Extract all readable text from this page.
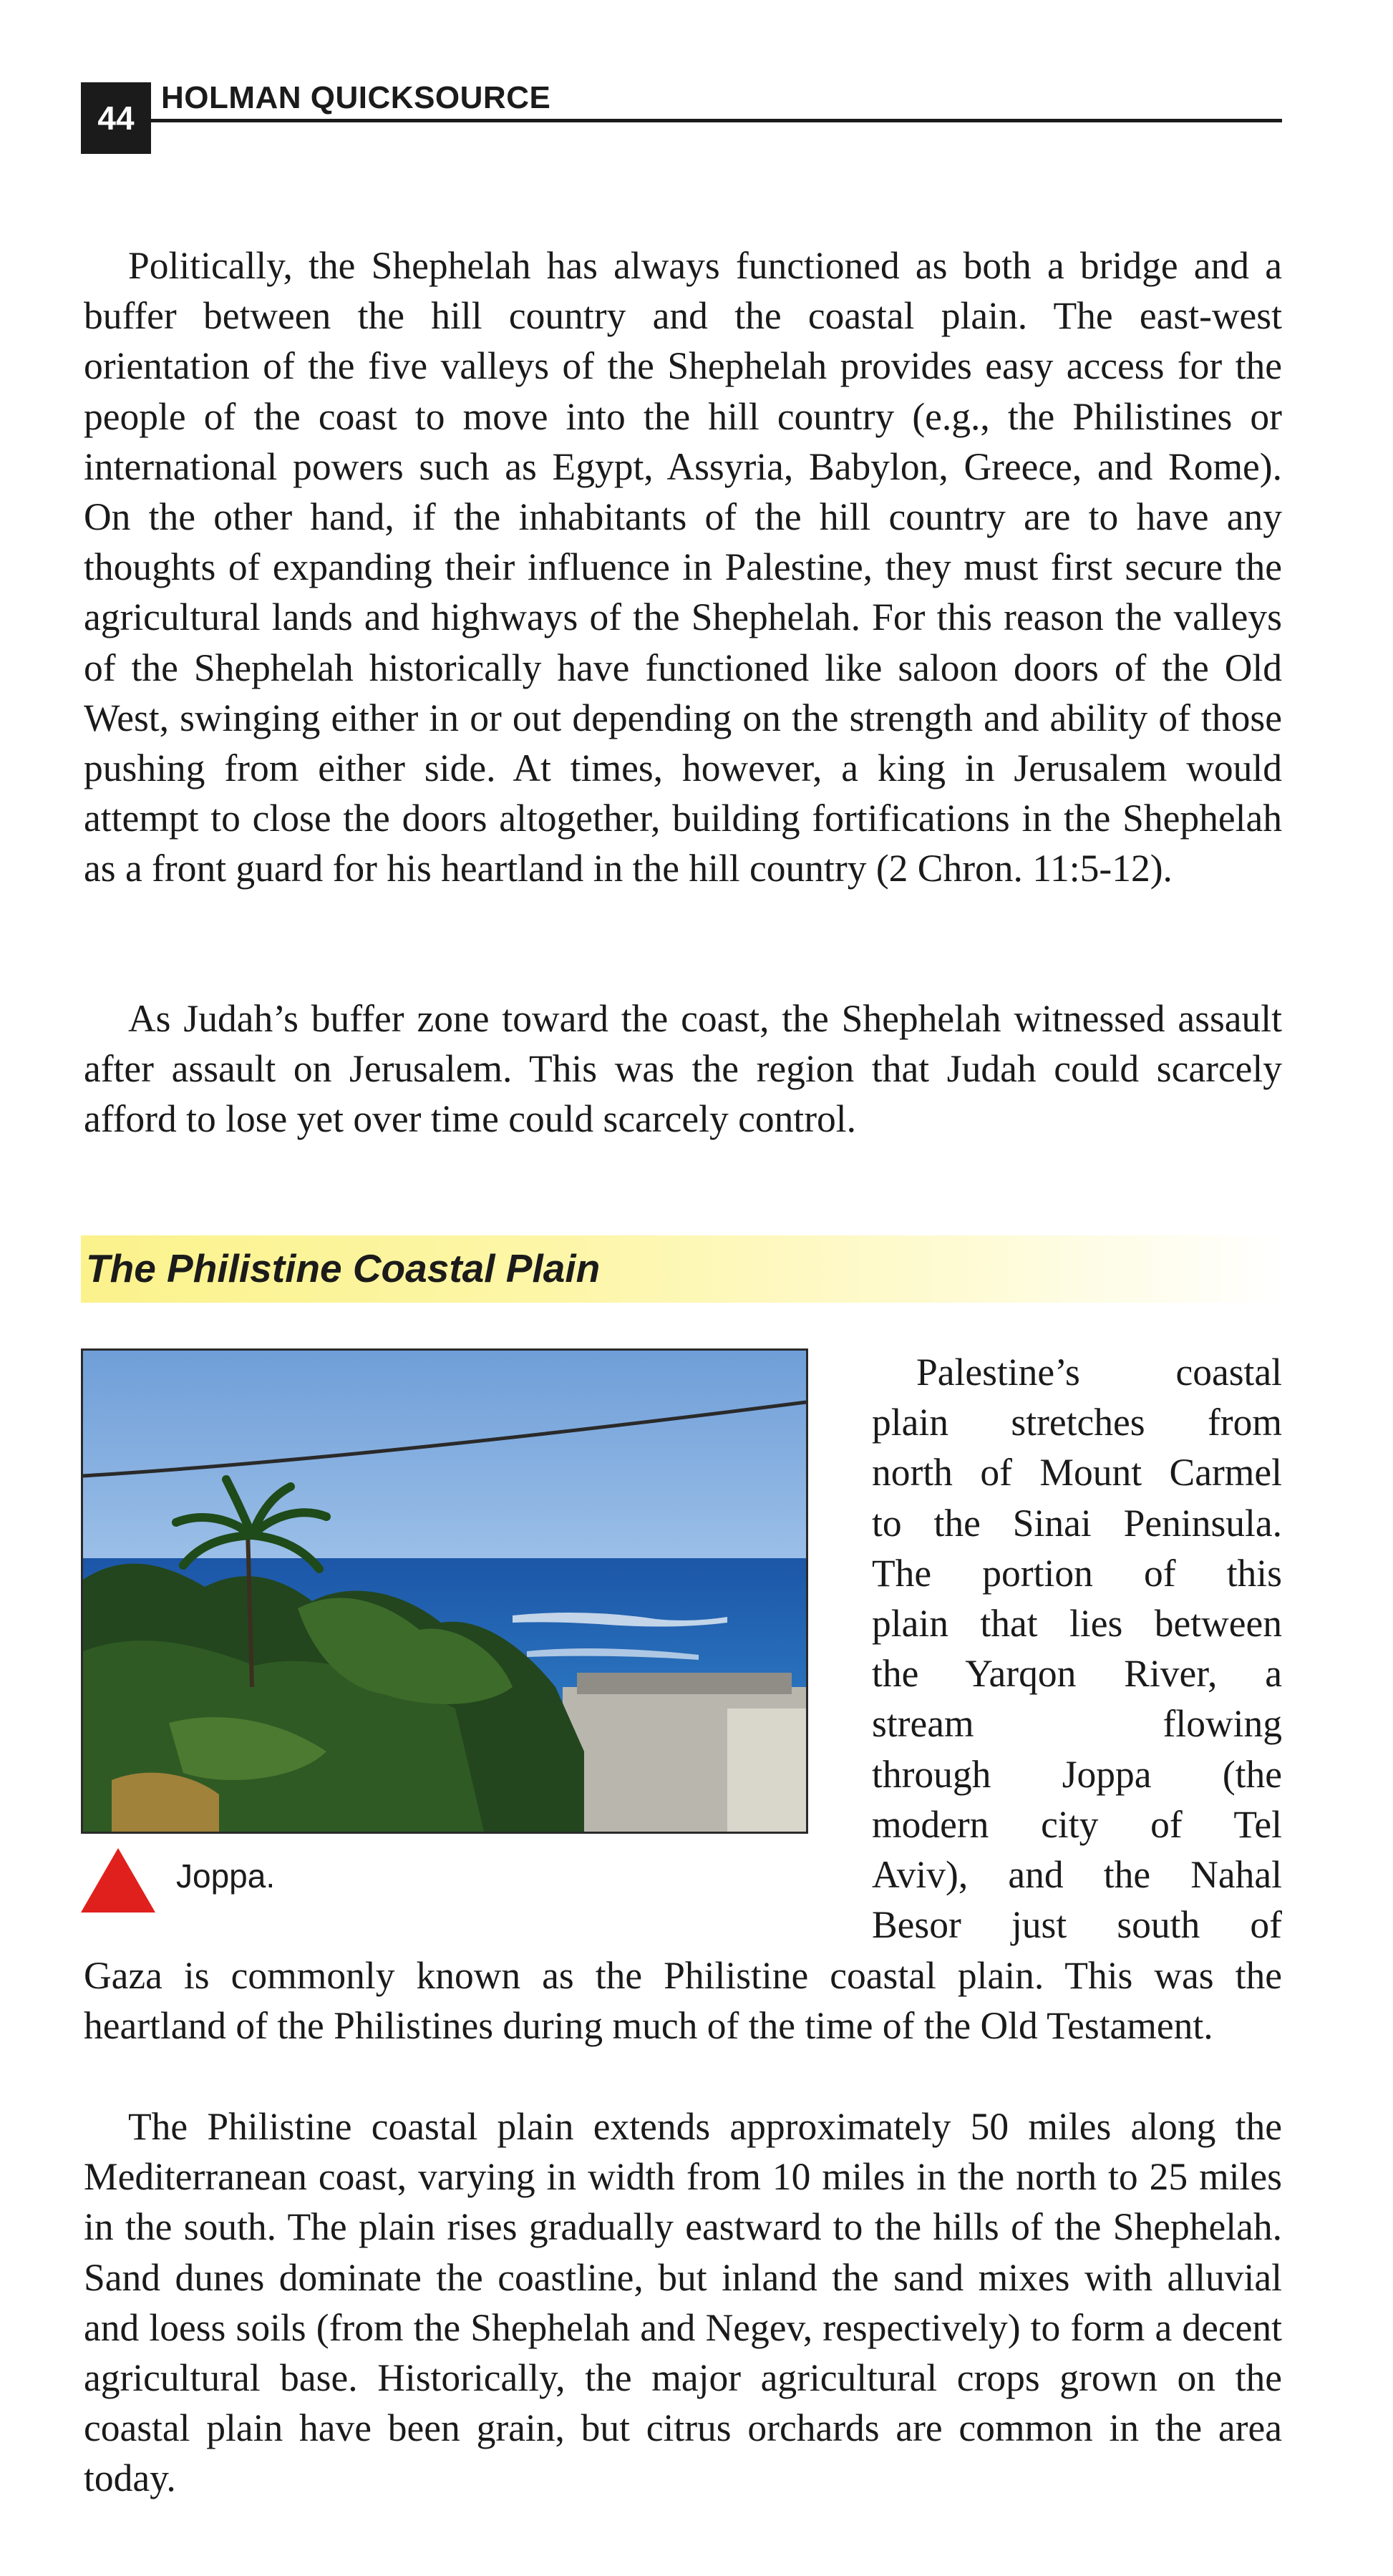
44
HOLMAN QUICKSOURCE

Politically, the Shephelah has always functioned as both a bridge and a buffer between the hill country and the coastal plain. The east-west orientation of the five valleys of the Shephelah provides easy access for the people of the coast to move into the hill country (e.g., the Philistines or international powers such as Egypt, Assyria, Babylon, Greece, and Rome). On the other hand, if the inhabitants of the hill country are to have any thoughts of expanding their influence in Palestine, they must first secure the agricultural lands and highways of the Shephelah. For this reason the valleys of the Shephelah historically have functioned like saloon doors of the Old West, swinging either in or out depending on the strength and ability of those pushing from either side. At times, however, a king in Jerusalem would attempt to close the doors altogether, building fortifications in the Shephelah as a front guard for his heartland in the hill country (2 Chron. 11:5-12).

As Judah’s buffer zone toward the coast, the Shephelah witnessed assault after assault on Jerusalem. This was the region that Judah could scarcely afford to lose yet over time could scarcely control.

The Philistine Coastal Plain
Joppa.
Palestine’s coastal
plain stretches from
north of Mount Carmel
to the Sinai Peninsula.
The portion of this
plain that lies between
the Yarqon River, a
stream flowing
through Joppa (the
modern city of Tel
Aviv), and the Nahal
Besor just south of

Gaza is commonly known as the Philistine coastal plain. This was the heartland of the Philistines during much of the time of the Old Testament.

The Philistine coastal plain extends approximately 50 miles along the Mediterranean coast, varying in width from 10 miles in the north to 25 miles in the south. The plain rises gradually eastward to the hills of the Shephelah. Sand dunes dominate the coastline, but inland the sand mixes with alluvial and loess soils (from the Shephelah and Negev, respectively) to form a decent agricultural base. Historically, the major agricultural crops grown on the coastal plain have been grain, but citrus orchards are common in the area today.
